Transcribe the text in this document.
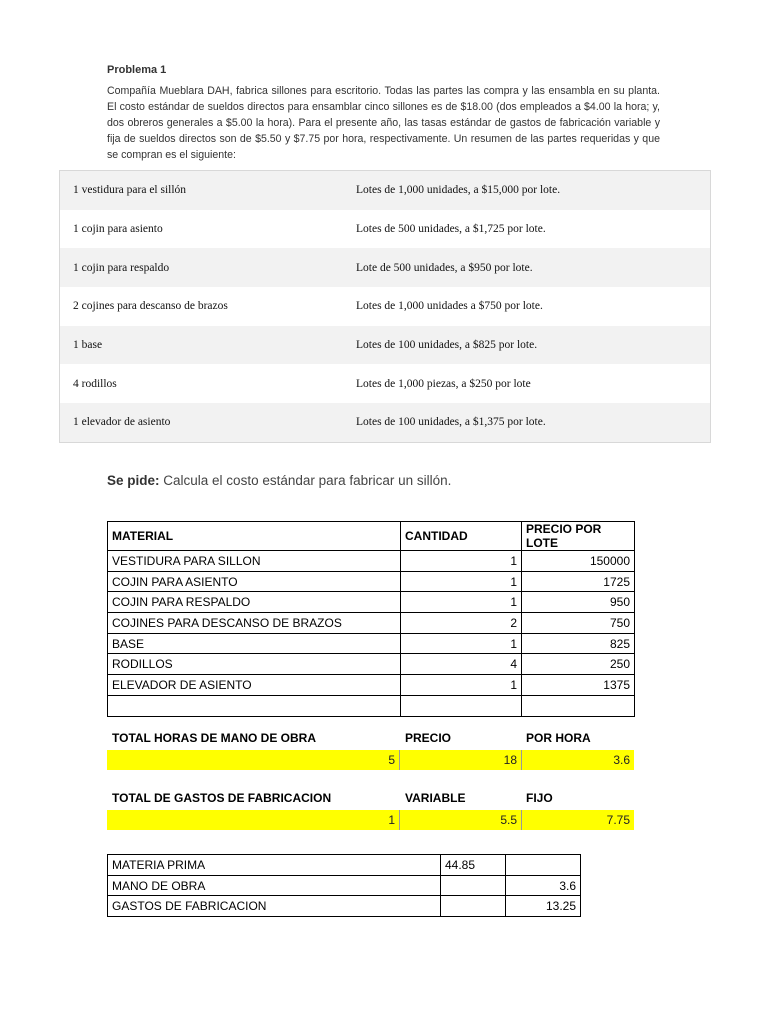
Problema 1
Compañía Mueblara DAH, fabrica sillones para escritorio. Todas las partes las compra y las ensambla en su planta. El costo estándar de sueldos directos para ensamblar cinco sillones es de $18.00 (dos empleados a $4.00 la hora; y, dos obreros generales a $5.00 la hora). Para el presente año, las tasas estándar de gastos de fabricación variable y fija de sueldos directos son de $5.50 y $7.75 por hora, respectivamente. Un resumen de las partes requeridas y que se compran es el siguiente:
1 vestidura para el sillón	Lotes de 1,000 unidades, a $15,000 por lote.
1 cojin para asiento	Lotes de 500 unidades, a $1,725 por lote.
1 cojin para respaldo	Lote de 500 unidades, a $950 por lote.
2 cojines para descanso de brazos	Lotes de 1,000 unidades a $750 por lote.
1 base	Lotes de 100 unidades, a $825 por lote.
4 rodillos	Lotes de 1,000 piezas, a $250 por lote
1 elevador de asiento	Lotes de 100 unidades, a $1,375 por lote.
Se pide: Calcula el costo estándar para fabricar un sillón.
MATERIAL	CANTIDAD	PRECIO POR LOTE
VESTIDURA PARA SILLON	1	150000
COJIN PARA ASIENTO	1	1725
COJIN PARA RESPALDO	1	950
COJINES PARA DESCANSO DE BRAZOS	2	750
BASE	1	825
RODILLOS	4	250
ELEVADOR DE ASIENTO	1	1375

TOTAL HORAS DE MANO DE OBRA	PRECIO	POR HORA
5	18	3.6
TOTAL DE GASTOS DE FABRICACION	VARIABLE	FIJO
1	5.5	7.75
MATERIA PRIMA	44.85	
MANO DE OBRA		3.6
GASTOS DE FABRICACION		13.25
